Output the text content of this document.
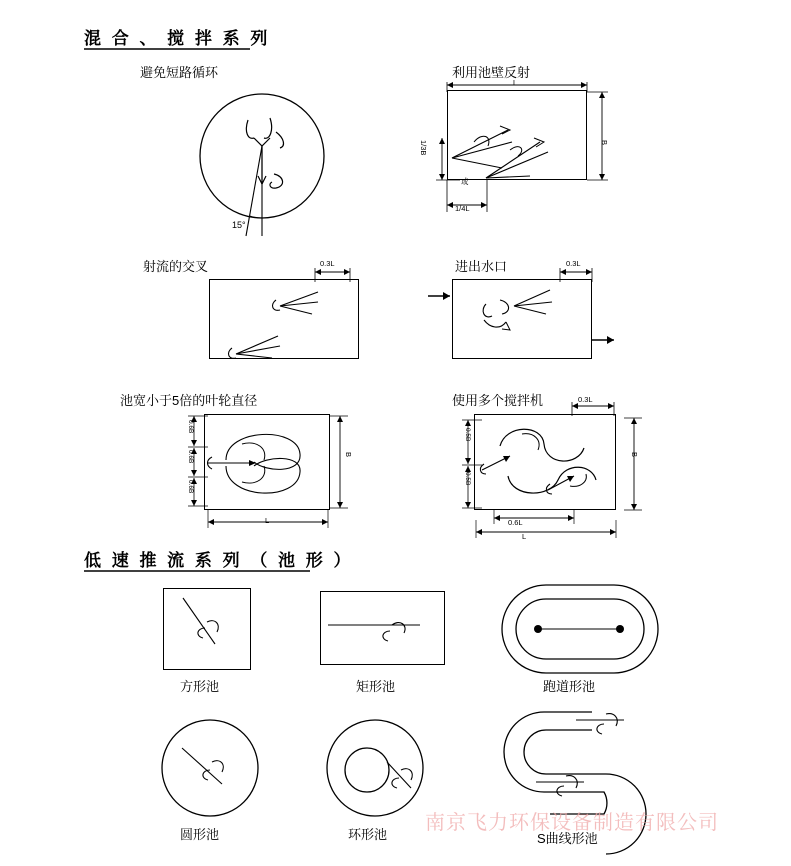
混 合 、 搅 拌 系 列
避免短路循环
15°
利用池壁反射
1/3B	B
L
1/4L
或
射流的交叉	0.3L	进出水口	0.3L
池宽小于5倍的叶轮直径
0.6B
0.6B
0.6B
B
L
使用多个搅拌机	0.3L
0.5B
0.5B
B
0.6L
L
低 速 推 流 系 列 （ 池 形 ）
方形池	矩形池	跑道形池
圆形池	环形池	S曲线形池
南京飞力环保设备制造有限公司
